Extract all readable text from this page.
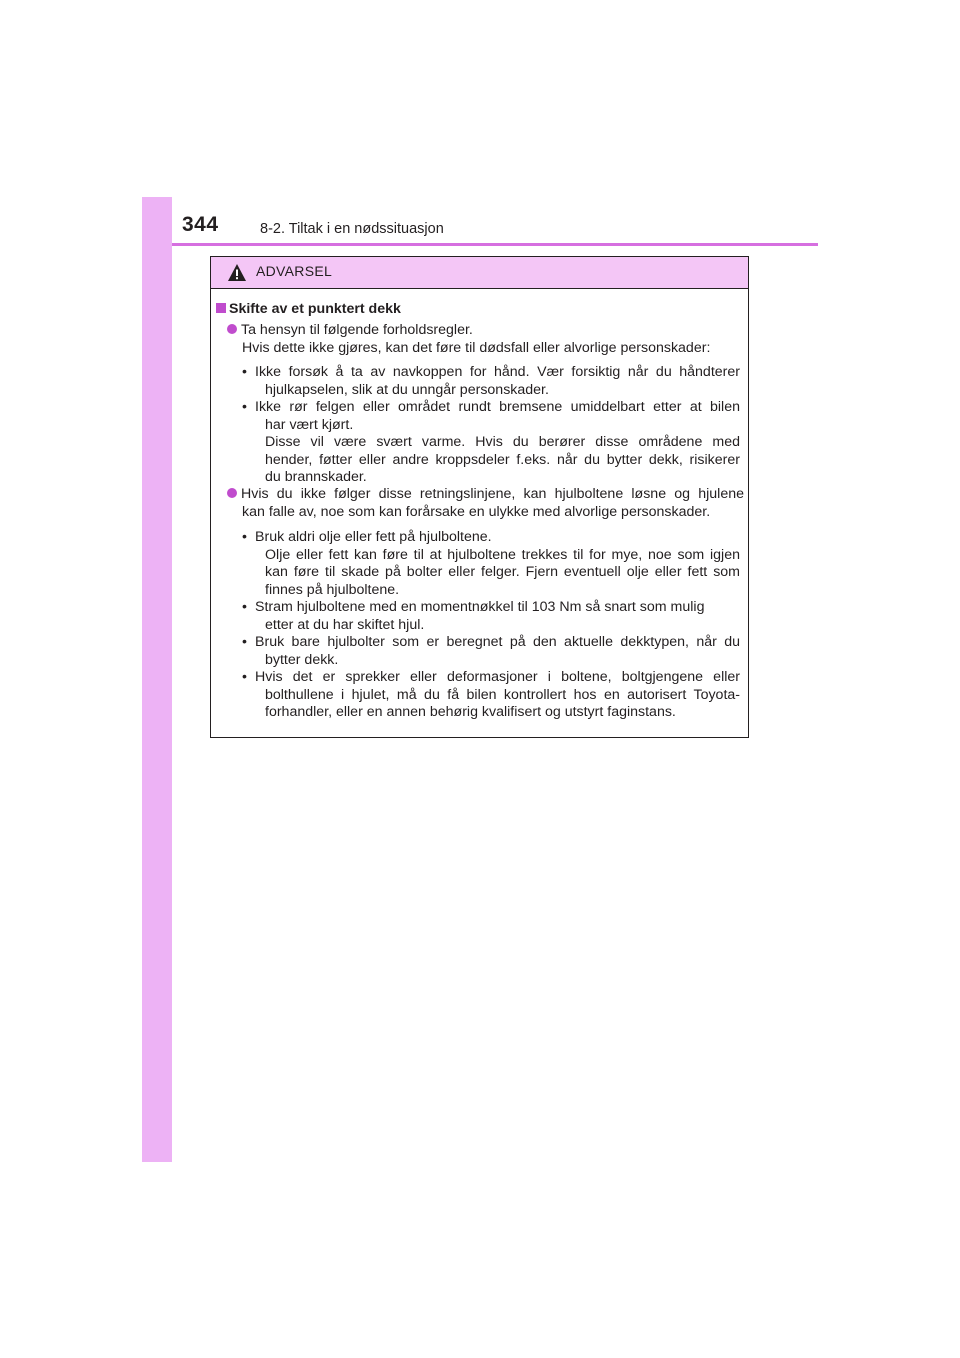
344	8-2. Tiltak i en nødssituasjon
ADVARSEL
Skifte av et punktert dekk
Ta hensyn til følgende forholdsregler.
Hvis dette ikke gjøres, kan det føre til dødsfall eller alvorlige personskader:
• Ikke forsøk å ta av navkoppen for hånd. Vær forsiktig når du håndterer
hjulkapselen, slik at du unngår personskader.
• Ikke rør felgen eller området rundt bremsene umiddelbart etter at bilen
har vært kjørt.
Disse vil være svært varme. Hvis du berører disse områdene med
hender, føtter eller andre kroppsdeler f.eks. når du bytter dekk, risikerer
du brannskader.
Hvis du ikke følger disse retningslinjene, kan hjulboltene løsne og hjulene
kan falle av, noe som kan forårsake en ulykke med alvorlige personskader.
• Bruk aldri olje eller fett på hjulboltene.
Olje eller fett kan føre til at hjulboltene trekkes til for mye, noe som igjen
kan føre til skade på bolter eller felger. Fjern eventuell olje eller fett som
finnes på hjulboltene.
• Stram hjulboltene med en momentnøkkel til 103 Nm så snart som mulig
etter at du har skiftet hjul.
• Bruk bare hjulbolter som er beregnet på den aktuelle dekktypen, når du
bytter dekk.
• Hvis det er sprekker eller deformasjoner i boltene, boltgjengene eller
bolthullene i hjulet, må du få bilen kontrollert hos en autorisert Toyota-
forhandler, eller en annen behørig kvalifisert og utstyrt faginstans.
